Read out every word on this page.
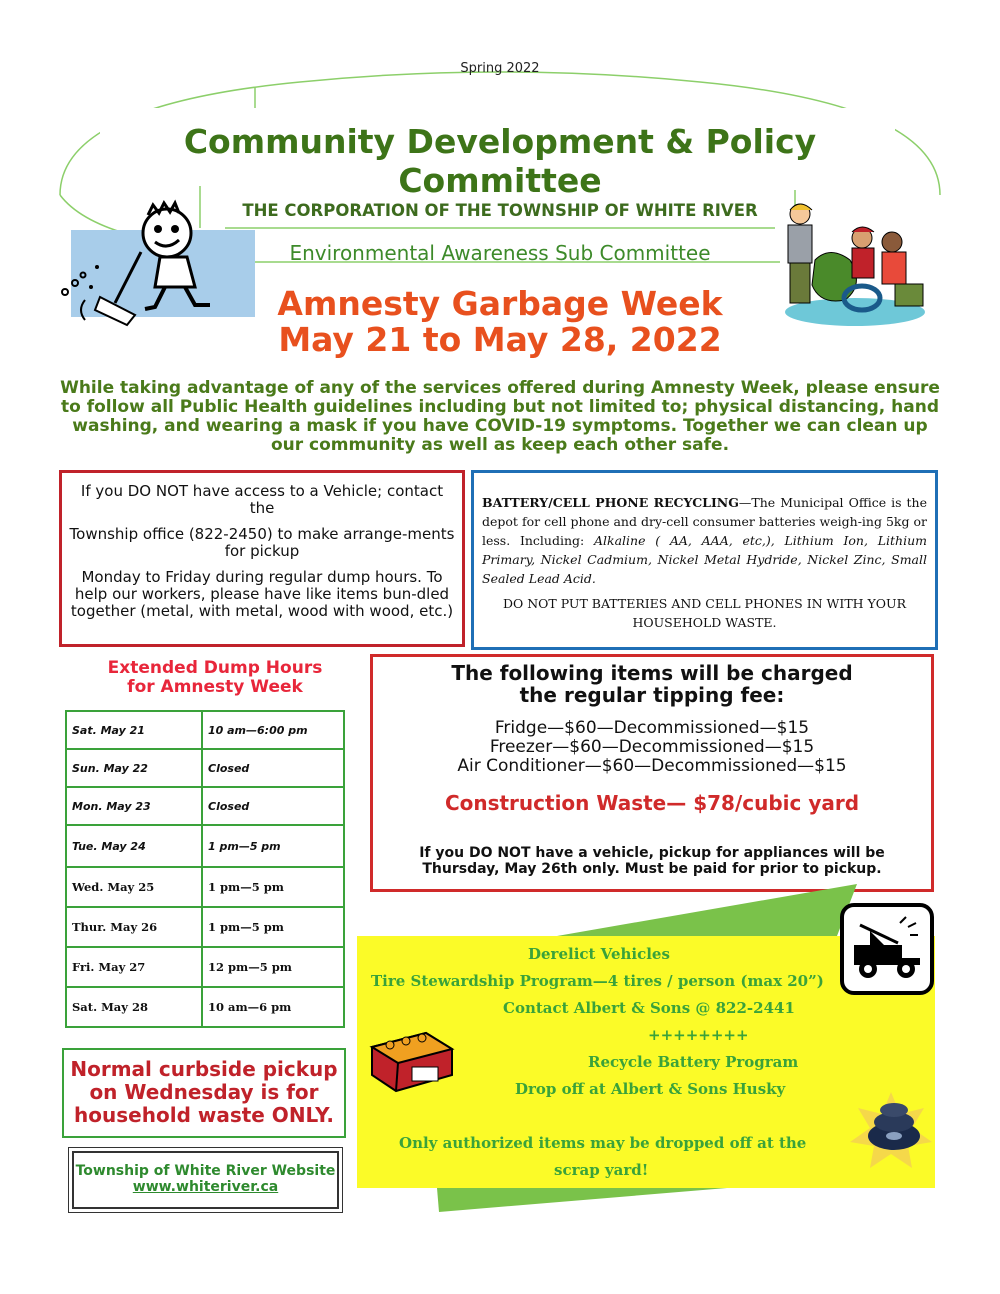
Spring 2022
Community Development & Policy Committee
THE CORPORATION OF THE TOWNSHIP OF WHITE RIVER
Environmental Awareness Sub Committee
Amnesty Garbage Week
May 21 to May 28, 2022
While taking advantage of any of the services offered during Amnesty Week, please ensure to follow all Public Health guidelines including but not limited to; physical distancing, hand washing, and wearing a mask if you have COVID-19 symptoms. Together we can clean up our community as well as keep each other safe.

If you DO NOT have access to a Vehicle; contact the

Township office (822-2450) to make arrange-ments for pickup

Monday to Friday during regular dump hours. To help our workers, please have like items bun-dled together (metal, with metal, wood with wood, etc.)

BATTERY/CELL PHONE RECYCLING—The Municipal Office is the depot for cell phone and dry-cell consumer batteries weigh-ing 5kg or less. Including: Alkaline ( AA, AAA, etc,), Lithium Ion, Lithium Primary, Nickel Cadmium, Nickel Metal Hydride, Nickel Zinc, Small Sealed Lead Acid.

DO NOT PUT BATTERIES AND CELL PHONES IN WITH YOUR HOUSEHOLD WASTE.

Extended Dump Hours
for Amnesty Week
Sat. May 21	10 am—6:00 pm
Sun. May 22	Closed
Mon. May 23	Closed
Tue. May 24	1 pm—5 pm
Wed. May 25	1 pm—5 pm
Thur. May 26	1 pm—5 pm
Fri. May 27	12 pm—5 pm
Sat. May 28	10 am—6 pm
Normal curbside pickup on Wednesday is for household waste ONLY.
Township of White River Website
www.whiteriver.ca
The following items will be charged the regular tipping fee:
Fridge—$60—Decommissioned—$15
Freezer—$60—Decommissioned—$15
Air Conditioner—$60—Decommissioned—$15
Construction Waste— $78/cubic yard
If you DO NOT have a vehicle, pickup for appliances will be Thursday, May 26th only. Must be paid for prior to pickup.
Derelict Vehicles
Tire Stewardship Program—4 tires / person (max 20”)
Contact Albert & Sons @ 822-2441
++++++++
Recycle Battery Program
Drop off at Albert & Sons Husky
Only authorized items may be dropped off at the
scrap yard!
